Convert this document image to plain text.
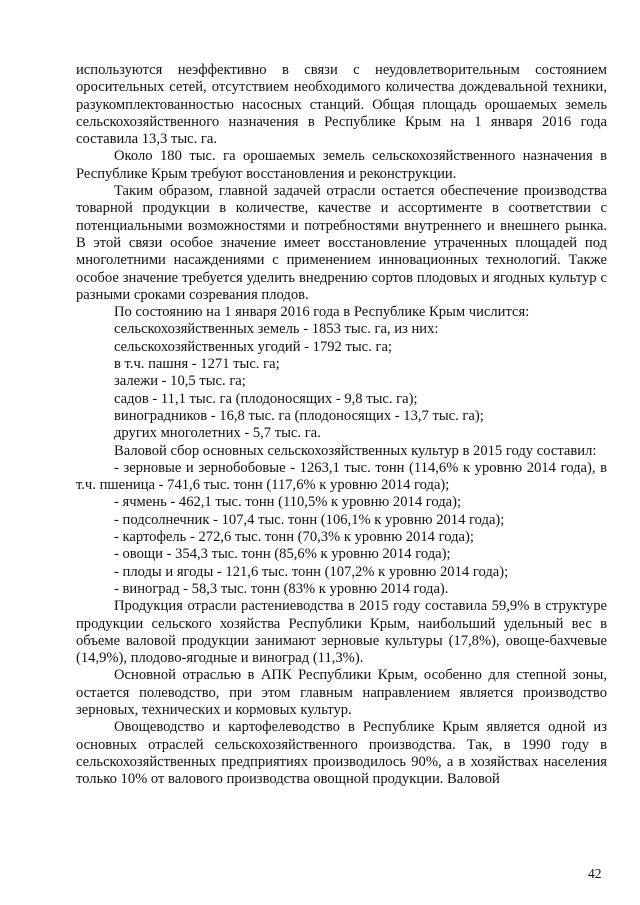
используются неэффективно в связи с неудовлетворительным состоянием оросительных сетей, отсутствием необходимого количества дождевальной техники, разукомплектованностью насосных станций. Общая площадь орошаемых земель сельскохозяйственного назначения в Республике Крым на 1 января 2016 года составила 13,3 тыс. га.

Около 180 тыс. га орошаемых земель сельскохозяйственного назначения в Республике Крым требуют восстановления и реконструкции.

Таким образом, главной задачей отрасли остается обеспечение производства товарной продукции в количестве, качестве и ассортименте в соответствии с потенциальными возможностями и потребностями внутреннего и внешнего рынка. В этой связи особое значение имеет восстановление утраченных площадей под многолетними насаждениями с применением инновационных технологий. Также особое значение требуется уделить внедрению сортов плодовых и ягодных культур с разными сроками созревания плодов.

По состоянию на 1 января 2016 года в Республике Крым числится:

сельскохозяйственных земель - 1853 тыс. га, из них:

сельскохозяйственных угодий - 1792 тыс. га;

в т.ч. пашня - 1271 тыс. га;

залежи - 10,5 тыс. га;

садов - 11,1 тыс. га (плодоносящих - 9,8 тыс. га);

виноградников - 16,8 тыс. га (плодоносящих - 13,7 тыс. га);

других многолетних - 5,7 тыс. га.

Валовой сбор основных сельскохозяйственных культур в 2015 году составил:

- зерновые и зернобобовые - 1263,1 тыс. тонн (114,6% к уровню 2014 года), в т.ч. пшеница - 741,6 тыс. тонн (117,6% к уровню 2014 года);

- ячмень - 462,1 тыс. тонн (110,5% к уровню 2014 года);

- подсолнечник - 107,4 тыс. тонн (106,1% к уровню 2014 года);

- картофель - 272,6 тыс. тонн (70,3% к уровню 2014 года);

- овощи - 354,3 тыс. тонн (85,6% к уровню 2014 года);

- плоды и ягоды - 121,6 тыс. тонн (107,2% к уровню 2014 года);

- виноград - 58,3 тыс. тонн (83% к уровню 2014 года).

Продукция отрасли растениеводства в 2015 году составила 59,9% в структуре продукции сельского хозяйства Республики Крым, наибольший удельный вес в объеме валовой продукции занимают зерновые культуры (17,8%), овоще-бахчевые (14,9%), плодово-ягодные и виноград (11,3%).

Основной отраслью в АПК Республики Крым, особенно для степной зоны, остается полеводство, при этом главным направлением является производство зерновых, технических и кормовых культур.

Овощеводство и картофелеводство в Республике Крым является одной из основных отраслей сельскохозяйственного производства. Так, в 1990 году в сельскохозяйственных предприятиях производилось 90%, а в хозяйствах населения только 10% от валового производства овощной продукции. Валовой

42
